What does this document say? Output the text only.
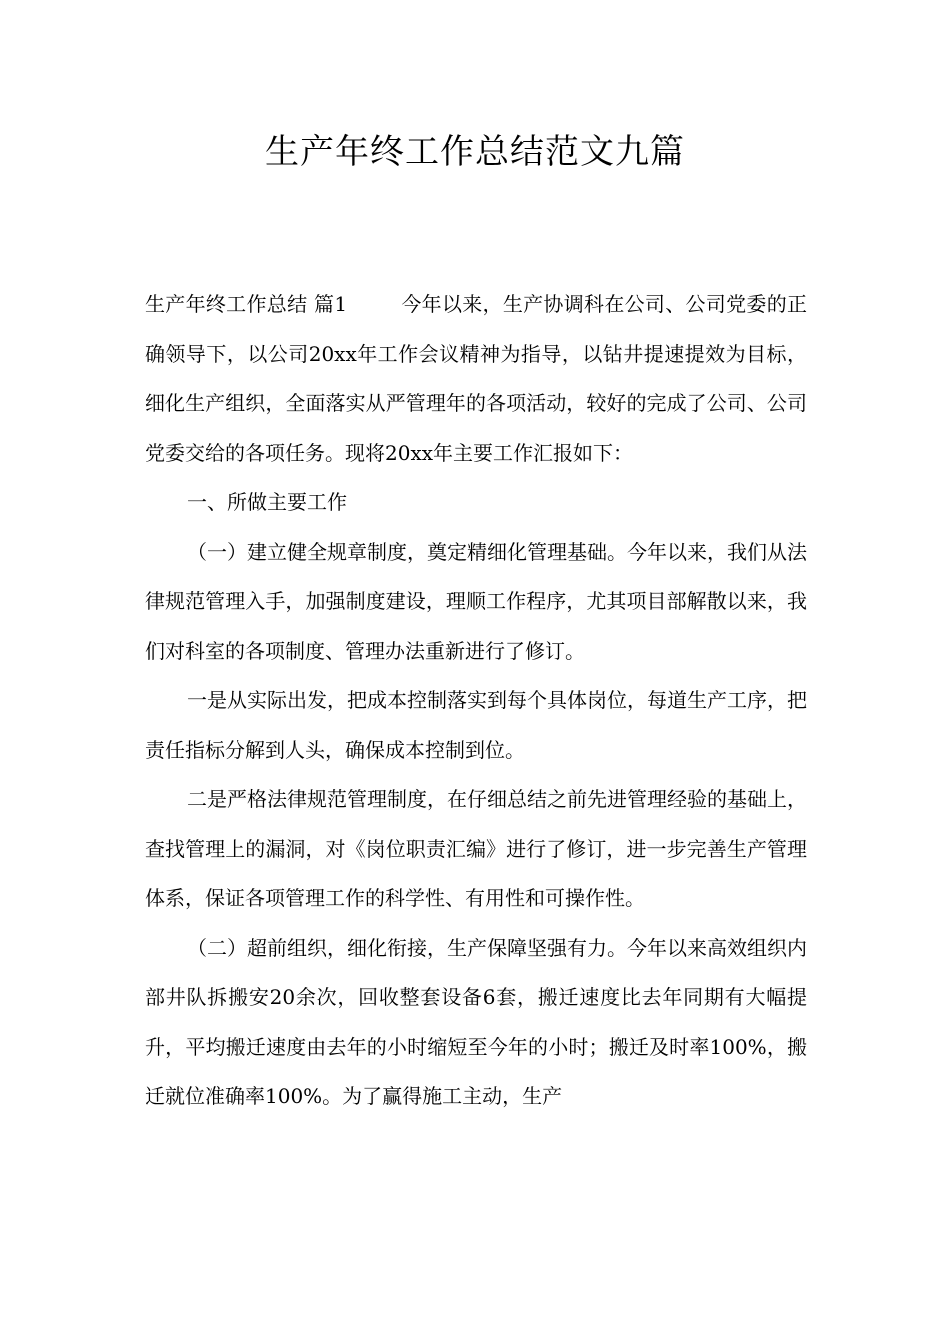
生产年终工作总结范文九篇

生产年终工作总结 篇1	今年以来，生产协调科在公司、公司党委的正确领导下，以公司20xx年工作会议精神为指导，以钻井提速提效为目标，细化生产组织，全面落实从严管理年的各项活动，较好的完成了公司、公司党委交给的各项任务。现将20xx年主要工作汇报如下：

一、所做主要工作

（一）建立健全规章制度，奠定精细化管理基础。今年以来，我们从法律规范管理入手，加强制度建设，理顺工作程序，尤其项目部解散以来，我们对科室的各项制度、管理办法重新进行了修订。

一是从实际出发，把成本控制落实到每个具体岗位，每道生产工序，把责任指标分解到人头，确保成本控制到位。

二是严格法律规范管理制度，在仔细总结之前先进管理经验的基础上，查找管理上的漏洞，对《岗位职责汇编》进行了修订，进一步完善生产管理体系，保证各项管理工作的科学性、有用性和可操作性。

（二）超前组织，细化衔接，生产保障坚强有力。今年以来高效组织内部井队拆搬安20余次，回收整套设备6套，搬迁速度比去年同期有大幅提升，平均搬迁速度由去年的小时缩短至今年的小时；搬迁及时率100%，搬迁就位准确率100%。为了赢得施工主动，生产
